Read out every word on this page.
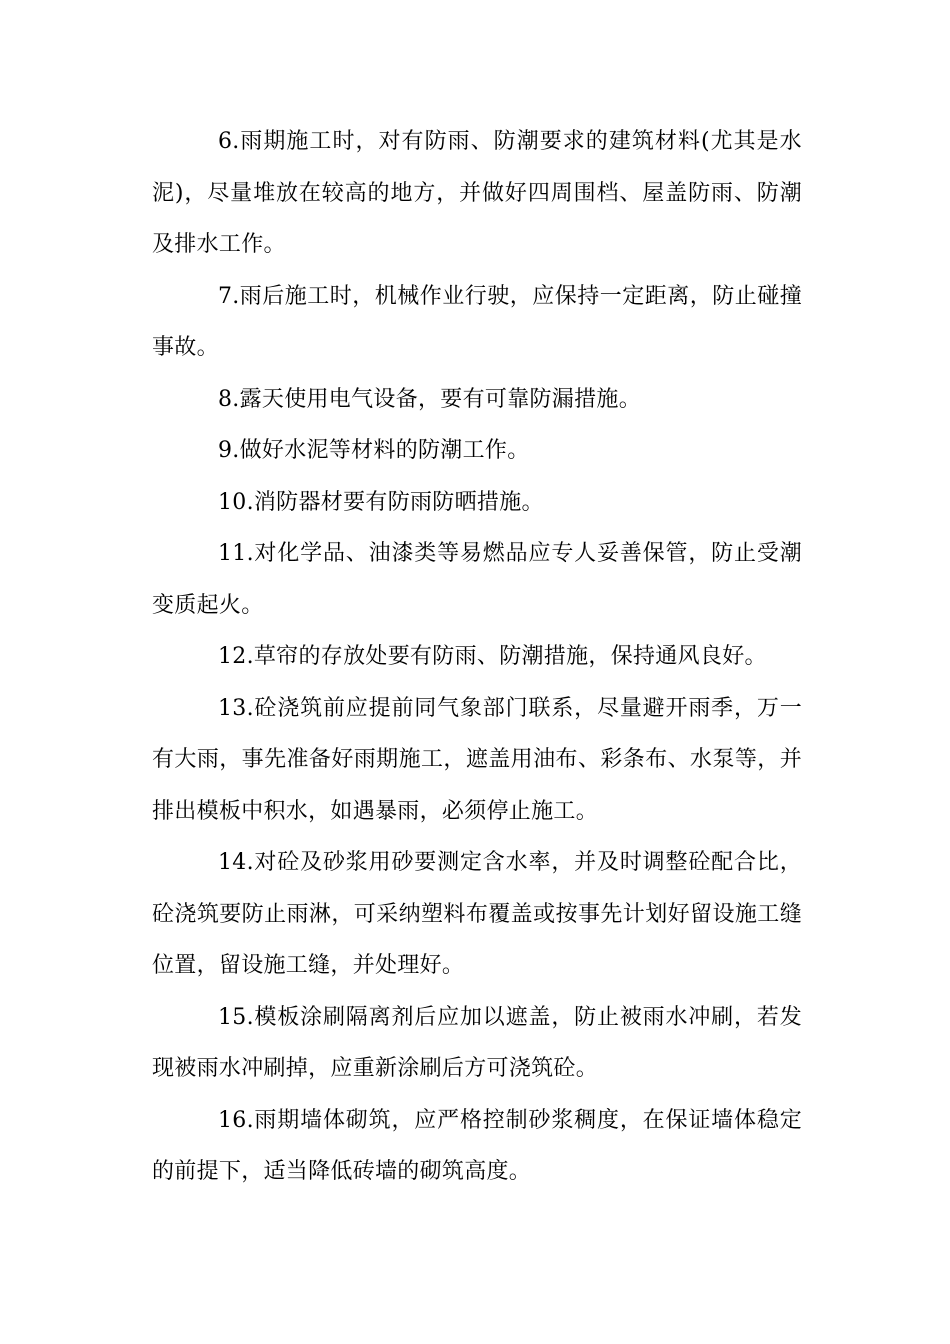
6.雨期施工时，对有防雨、防潮要求的建筑材料(尤其是水泥)，尽量堆放在较高的地方，并做好四周围档、屋盖防雨、防潮及排水工作。

7.雨后施工时，机械作业行驶，应保持一定距离，防止碰撞事故。

8.露天使用电气设备，要有可靠防漏措施。

9.做好水泥等材料的防潮工作。

10.消防器材要有防雨防晒措施。

11.对化学品、油漆类等易燃品应专人妥善保管，防止受潮变质起火。

12.草帘的存放处要有防雨、防潮措施，保持通风良好。

13.砼浇筑前应提前同气象部门联系，尽量避开雨季，万一有大雨，事先准备好雨期施工，遮盖用油布、彩条布、水泵等，并排出模板中积水，如遇暴雨，必须停止施工。

14.对砼及砂浆用砂要测定含水率，并及时调整砼配合比，砼浇筑要防止雨淋，可采纳塑料布覆盖或按事先计划好留设施工缝位置，留设施工缝，并处理好。

15.模板涂刷隔离剂后应加以遮盖，防止被雨水冲刷，若发现被雨水冲刷掉，应重新涂刷后方可浇筑砼。

16.雨期墙体砌筑，应严格控制砂浆稠度，在保证墙体稳定的前提下，适当降低砖墙的砌筑高度。
